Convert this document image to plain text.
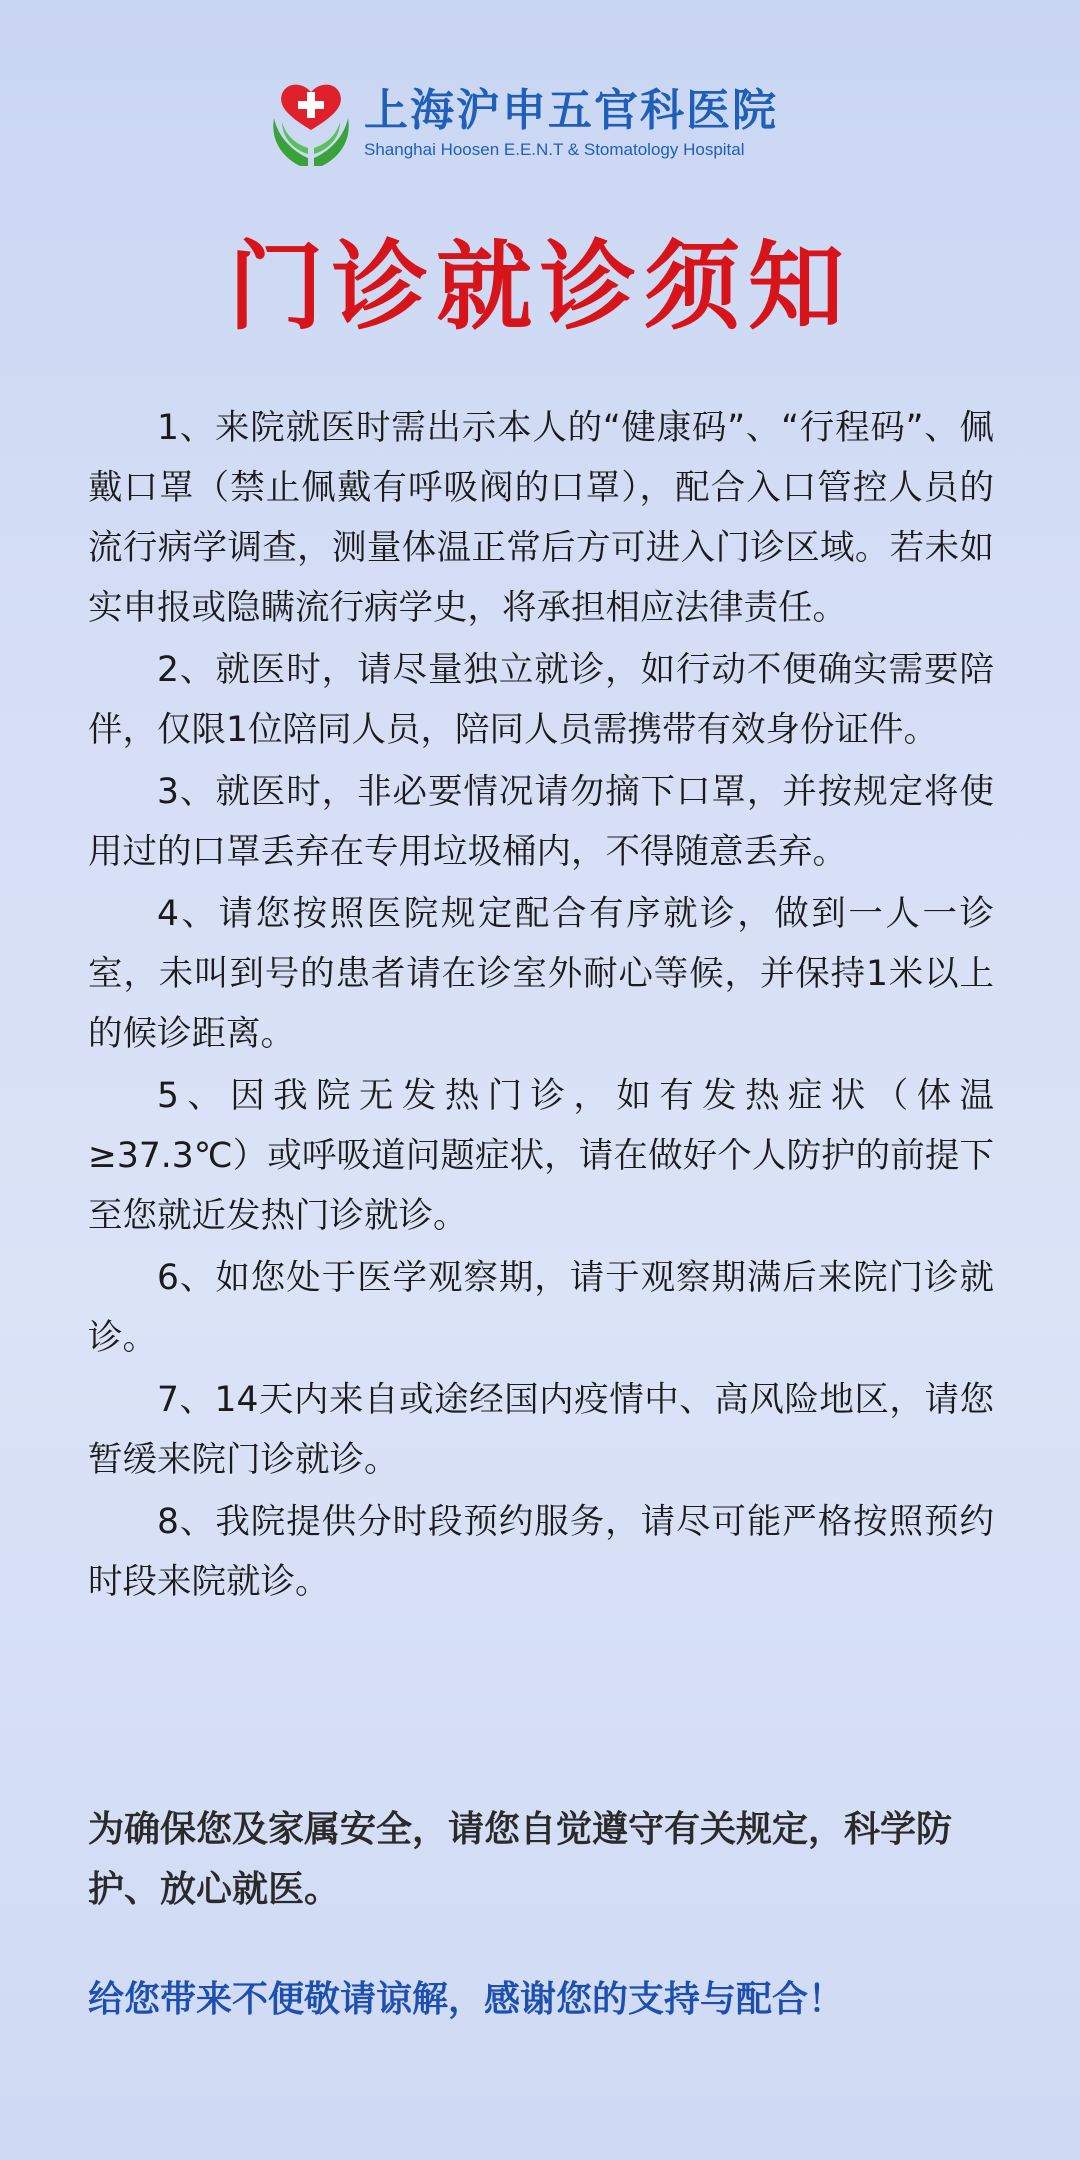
上海沪申五官科医院
Shanghai Hoosen E.E.N.T & Stomatology Hospital
门诊就诊须知
1、来院就医时需出示本人的“健康码”、“行程码”、佩戴口罩（禁止佩戴有呼吸阀的口罩），配合入口管控人员的流行病学调查，测量体温正常后方可进入门诊区域。若未如实申报或隐瞒流行病学史，将承担相应法律责任。
2、就医时，请尽量独立就诊，如行动不便确实需要陪伴，仅限1位陪同人员，陪同人员需携带有效身份证件。
3、就医时，非必要情况请勿摘下口罩，并按规定将使用过的口罩丢弃在专用垃圾桶内，不得随意丢弃。
4、请您按照医院规定配合有序就诊，做到一人一诊室，未叫到号的患者请在诊室外耐心等候，并保持1米以上的候诊距离。
5、因我院无发热门诊，如有发热症状（体温≥37.3℃）或呼吸道问题症状，请在做好个人防护的前提下至您就近发热门诊就诊。
6、如您处于医学观察期，请于观察期满后来院门诊就诊。
7、14天内来自或途经国内疫情中、高风险地区，请您暂缓来院门诊就诊。
8、我院提供分时段预约服务，请尽可能严格按照预约时段来院就诊。

为确保您及家属安全，请您自觉遵守有关规定，科学防护、放心就医。

给您带来不便敬请谅解，感谢您的支持与配合！
